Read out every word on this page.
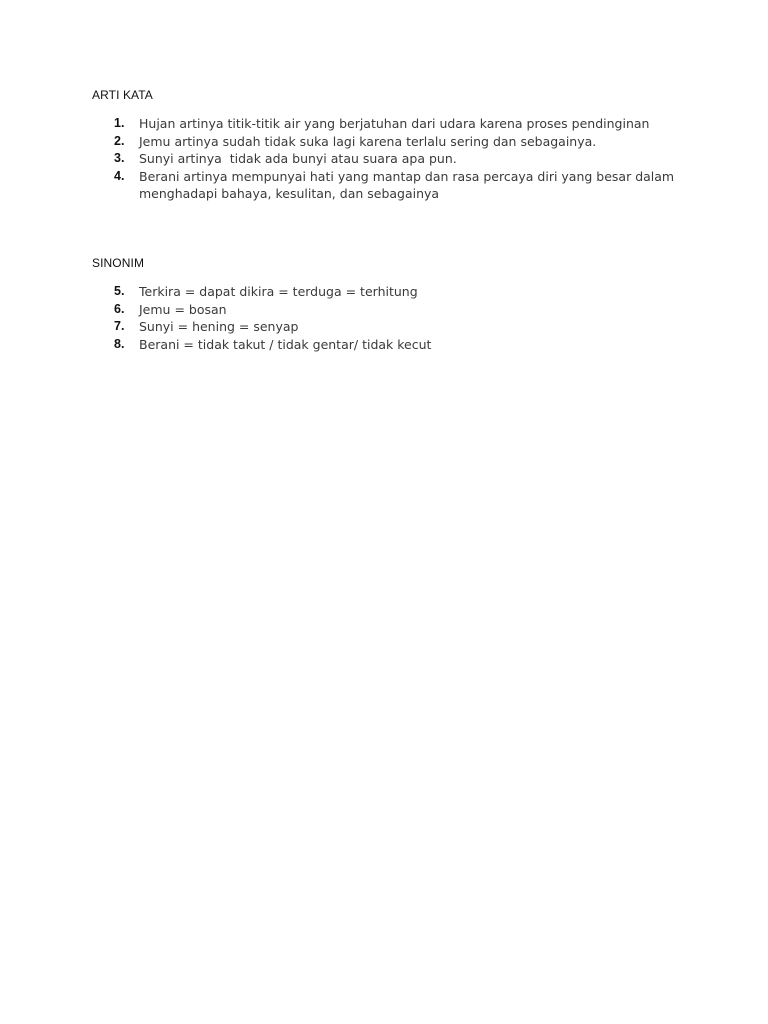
ARTI KATA
1. Hujan artinya titik-titik air yang berjatuhan dari udara karena proses pendinginan
2. Jemu artinya sudah tidak suka lagi karena terlalu sering dan sebagainya.
3. Sunyi artinya  tidak ada bunyi atau suara apa pun.
4. Berani artinya mempunyai hati yang mantap dan rasa percaya diri yang besar dalam menghadapi bahaya, kesulitan, dan sebagainya
SINONIM
5. Terkira = dapat dikira = terduga = terhitung
6. Jemu = bosan
7. Sunyi = hening = senyap
8. Berani = tidak takut / tidak gentar/ tidak kecut
